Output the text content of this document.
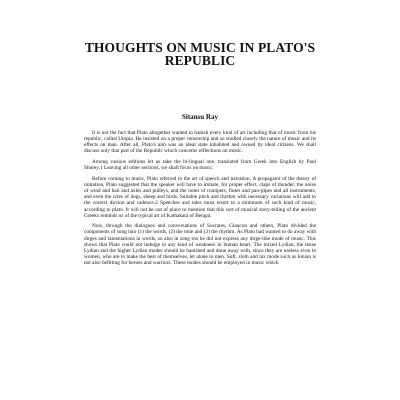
THOUGHTS ON MUSIC IN PLATO'S REPUBLIC
Sitansu Ray

It is not the fact that Plato altogether wanted to banish every kind of art including that of music from his republic, called Utopia. He insisted on a proper censorship and so studied closely the nature of music and its effects on man. After all, Plato's aim was an ideal state inhabited and owned by ideal citizens. We shall discuss only that part of the Republic which concerns reflections on music.

Among various editions let us take the bi-lingual one, translated from Greek into English by Paul Shorey.1 Leaving all other sections, we shall focus on music.

Before coming to music, Plato referred to the art of speech and narration. A propagator of the theory of imitation, Plato suggested that the speaker will have to imitate, for proper effect, claps of thunder, the noise of wind and hail and axles and pulleys, and the notes of trumpets, flutes and pan-pipes and all instruments, and even the cries of dogs, sheep and birds. Suitable pitch and rhythm with necessary variations will add to the correct diction and cadence.2 Speeches and tales must resort to a minimum of such kind of music, according to plato. It will not be out of place to mention that this sort of musical story-telling of the ancient Greeks reminds us of the typical art of Kathakata of Bengal.

Now, through the dialogues and conversations of Socrates, Glaucon and others, Plato divided the components of song into (1) the words, (2) the tone and (3) the rhythm. As Plato had wanted to do away with dirges and lamentations in words, so also in song too he did not express any dirge-like mode of music. This shows that Plato could not indulge in any kind of weakness in human heart. The mixed Lydian, the tense Lydian and the higher Lydian modes should be banished and done away with, since they are useless even to women, who are to make the best of themselves, let alone to men. Soft, sloth and lax mode such as Ionian is not also befitting for heroes and warriors. These modes should be employed in music which
